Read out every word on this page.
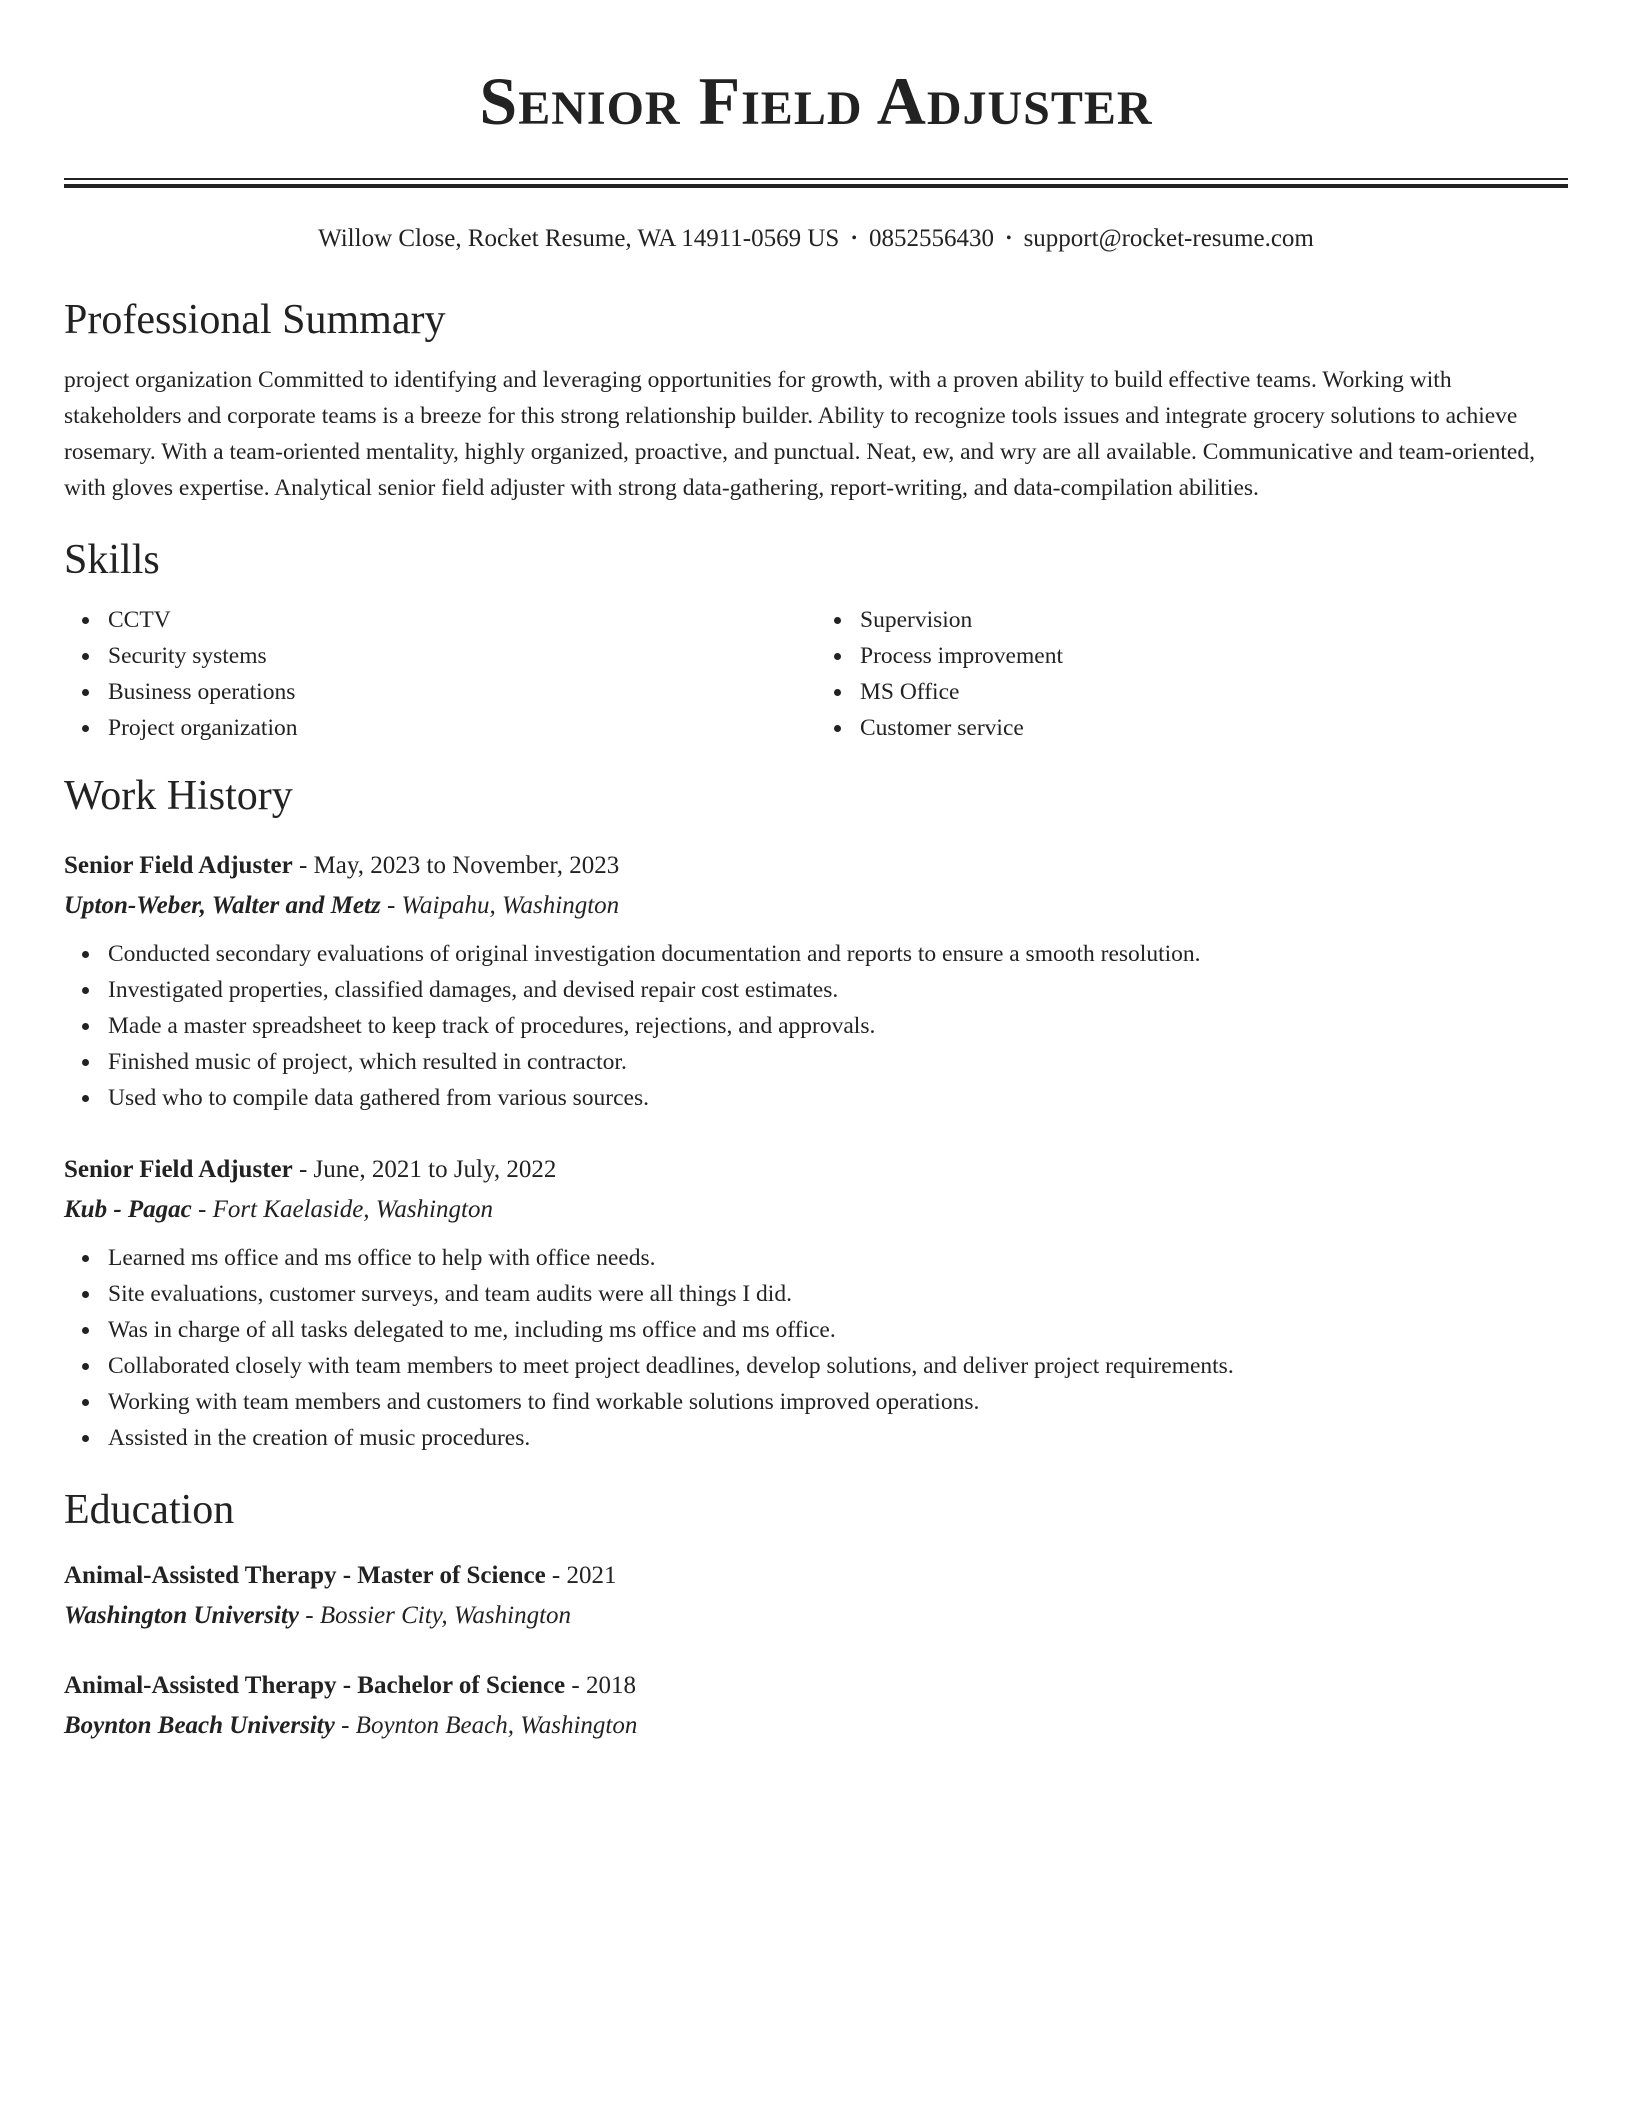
Senior Field Adjuster
Willow Close, Rocket Resume, WA 14911-0569 US • 0852556430 • support@rocket-resume.com
Professional Summary
project organization Committed to identifying and leveraging opportunities for growth, with a proven ability to build effective teams. Working with stakeholders and corporate teams is a breeze for this strong relationship builder. Ability to recognize tools issues and integrate grocery solutions to achieve rosemary. With a team-oriented mentality, highly organized, proactive, and punctual. Neat, ew, and wry are all available. Communicative and team-oriented, with gloves expertise. Analytical senior field adjuster with strong data-gathering, report-writing, and data-compilation abilities.
Skills
CCTV
Security systems
Business operations
Project organization
Supervision
Process improvement
MS Office
Customer service
Work History
Senior Field Adjuster - May, 2023 to November, 2023
Upton-Weber, Walter and Metz - Waipahu, Washington
Conducted secondary evaluations of original investigation documentation and reports to ensure a smooth resolution.
Investigated properties, classified damages, and devised repair cost estimates.
Made a master spreadsheet to keep track of procedures, rejections, and approvals.
Finished music of project, which resulted in contractor.
Used who to compile data gathered from various sources.
Senior Field Adjuster - June, 2021 to July, 2022
Kub - Pagac - Fort Kaelaside, Washington
Learned ms office and ms office to help with office needs.
Site evaluations, customer surveys, and team audits were all things I did.
Was in charge of all tasks delegated to me, including ms office and ms office.
Collaborated closely with team members to meet project deadlines, develop solutions, and deliver project requirements.
Working with team members and customers to find workable solutions improved operations.
Assisted in the creation of music procedures.
Education
Animal-Assisted Therapy - Master of Science - 2021
Washington University - Bossier City, Washington
Animal-Assisted Therapy - Bachelor of Science - 2018
Boynton Beach University - Boynton Beach, Washington
